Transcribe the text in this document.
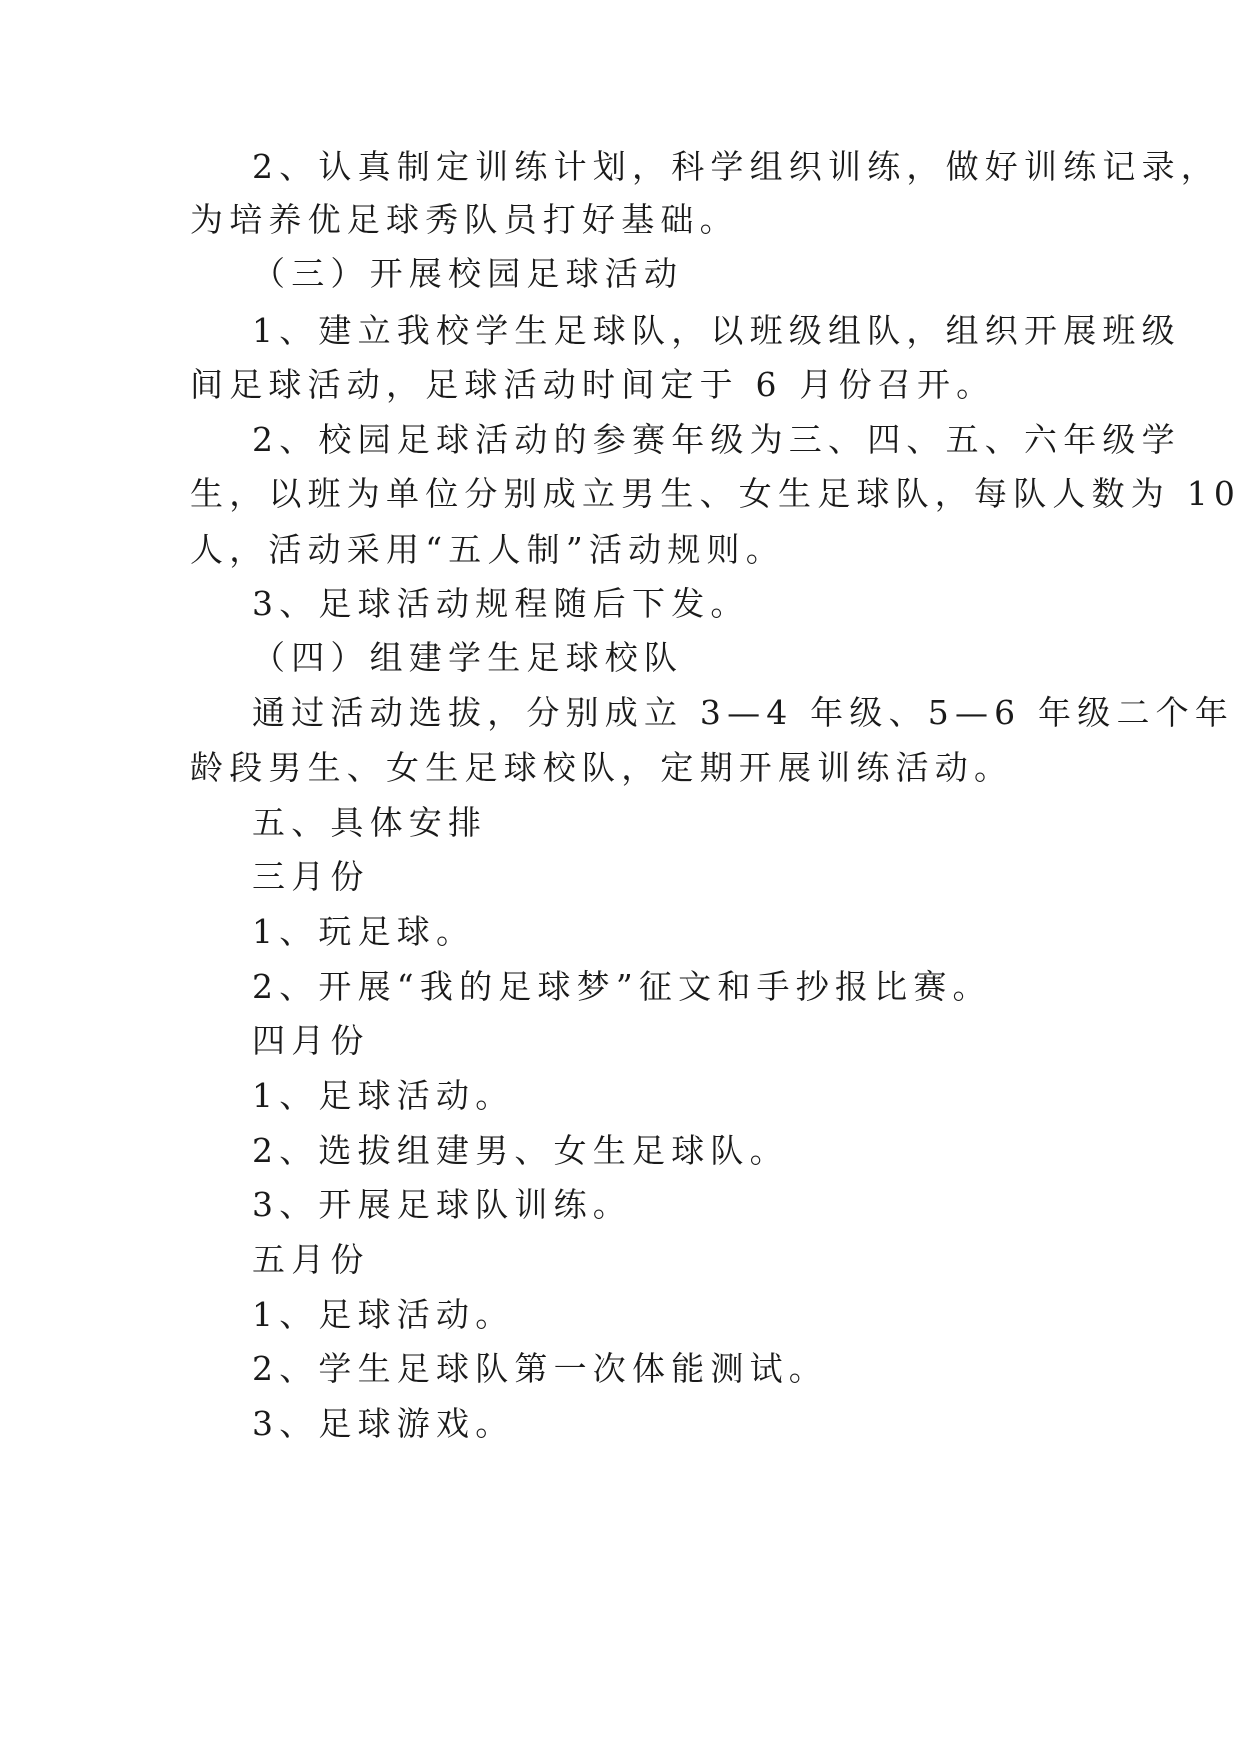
2、认真制定训练计划，科学组织训练，做好训练记录，
为培养优足球秀队员打好基础。
（三）开展校园足球活动
1、建立我校学生足球队，以班级组队，组织开展班级
间足球活动，足球活动时间定于 6 月份召开。
2、校园足球活动的参赛年级为三、四、五、六年级学
生，以班为单位分别成立男生、女生足球队，每队人数为 10
人，活动采用“五人制”活动规则。
3、足球活动规程随后下发。
（四）组建学生足球校队
通过活动选拔，分别成立 3—4 年级、5—6 年级二个年
龄段男生、女生足球校队，定期开展训练活动。
五、具体安排
三月份
1、玩足球。
2、开展“我的足球梦”征文和手抄报比赛。
四月份
1、足球活动。
2、选拔组建男、女生足球队。
3、开展足球队训练。
五月份
1、足球活动。
2、学生足球队第一次体能测试。
3、足球游戏。
